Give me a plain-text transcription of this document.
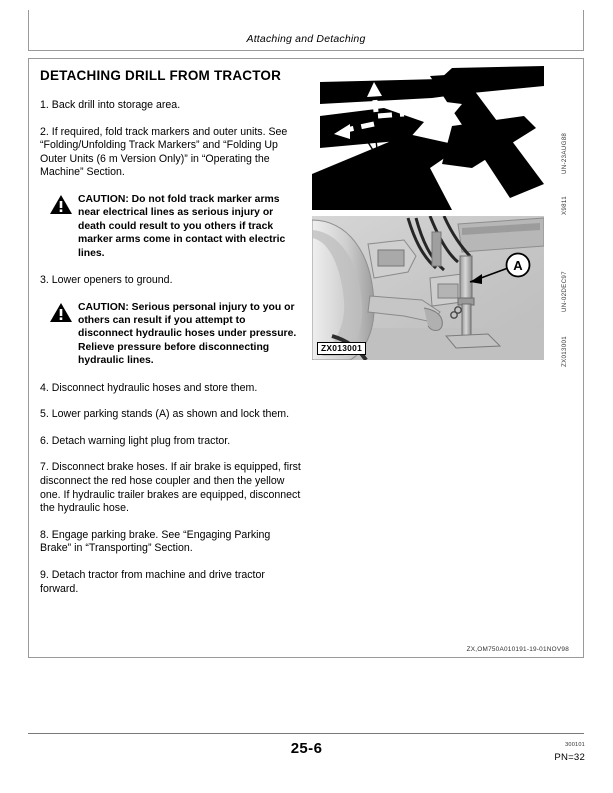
Attaching and Detaching
DETACHING DRILL FROM TRACTOR

1. Back drill into storage area.

2. If required, fold track markers and outer units. See “Folding/Unfolding Track Markers” and “Folding Up Outer Units (6 m Version Only)” in “Operating the Machine” Section.

CAUTION: Do not fold track marker arms near electrical lines as serious injury or death could result to you others if track marker arms come in contact with electric lines.

3. Lower openers to ground.

CAUTION: Serious personal injury to you or others can result if you attempt to disconnect hydraulic hoses under pressure. Relieve pressure before disconnecting hydraulic lines.

4. Disconnect hydraulic hoses and store them.

5. Lower parking stands (A) as shown and lock them.

6. Detach warning light plug from tractor.

7. Disconnect brake hoses. If air brake is equipped, first disconnect the red hose coupler and then the yellow one. If hydraulic trailer brakes are equipped, disconnect the hydraulic hose.

8. Engage parking brake. See “Engaging Parking Brake” in “Transporting” Section.

9. Detach tractor from machine and drive tractor forward.

A
ZX013001
UN-23AUG88
X9811
UN-02DEC97
ZX013001
ZX,OM750A010191-19-01NOV98
25-6	300101
PN=32
